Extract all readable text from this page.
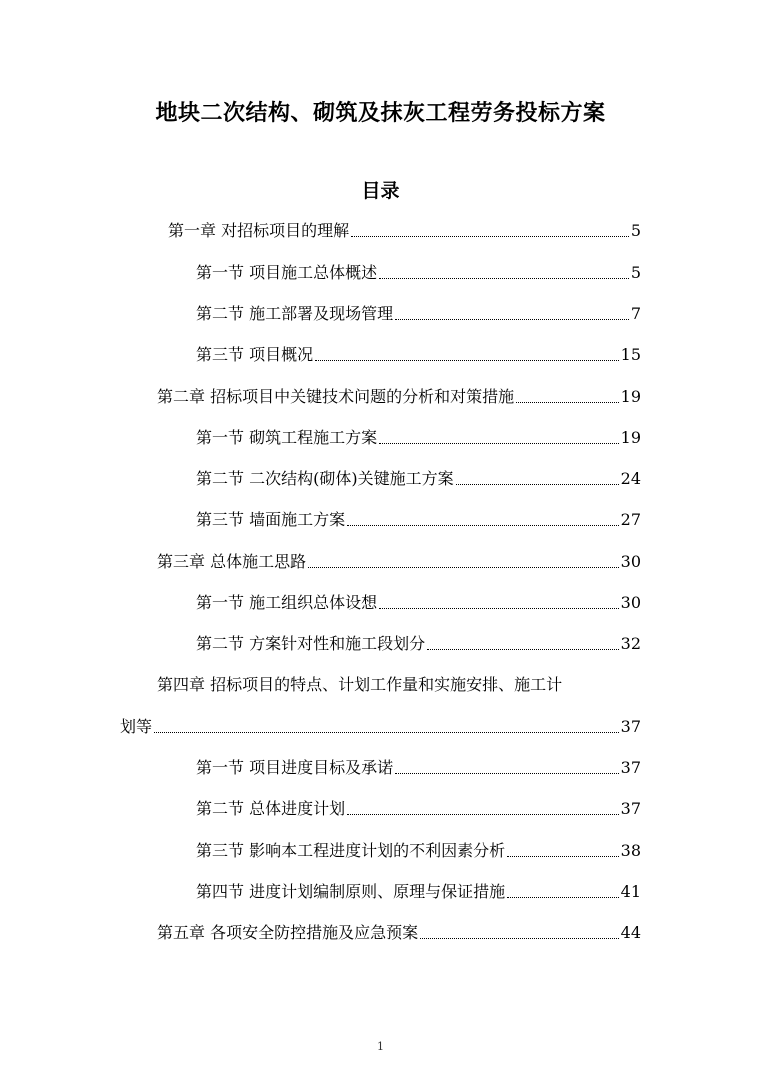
地块二次结构、砌筑及抹灰工程劳务投标方案
目录
第一章 对招标项目的理解	5
第一节 项目施工总体概述	5
第二节 施工部署及现场管理	7
第三节 项目概况	15
第二章 招标项目中关键技术问题的分析和对策措施	19
第一节 砌筑工程施工方案	19
第二节 二次结构(砌体)关键施工方案	24
第三节 墙面施工方案	27
第三章 总体施工思路	30
第一节 施工组织总体设想	30
第二节 方案针对性和施工段划分	32
第四章 招标项目的特点、计划工作量和实施安排、施工计
划等	37
第一节 项目进度目标及承诺	37
第二节 总体进度计划	37
第三节 影响本工程进度计划的不利因素分析	38
第四节 进度计划编制原则、原理与保证措施	41
第五章 各项安全防控措施及应急预案	44
1
